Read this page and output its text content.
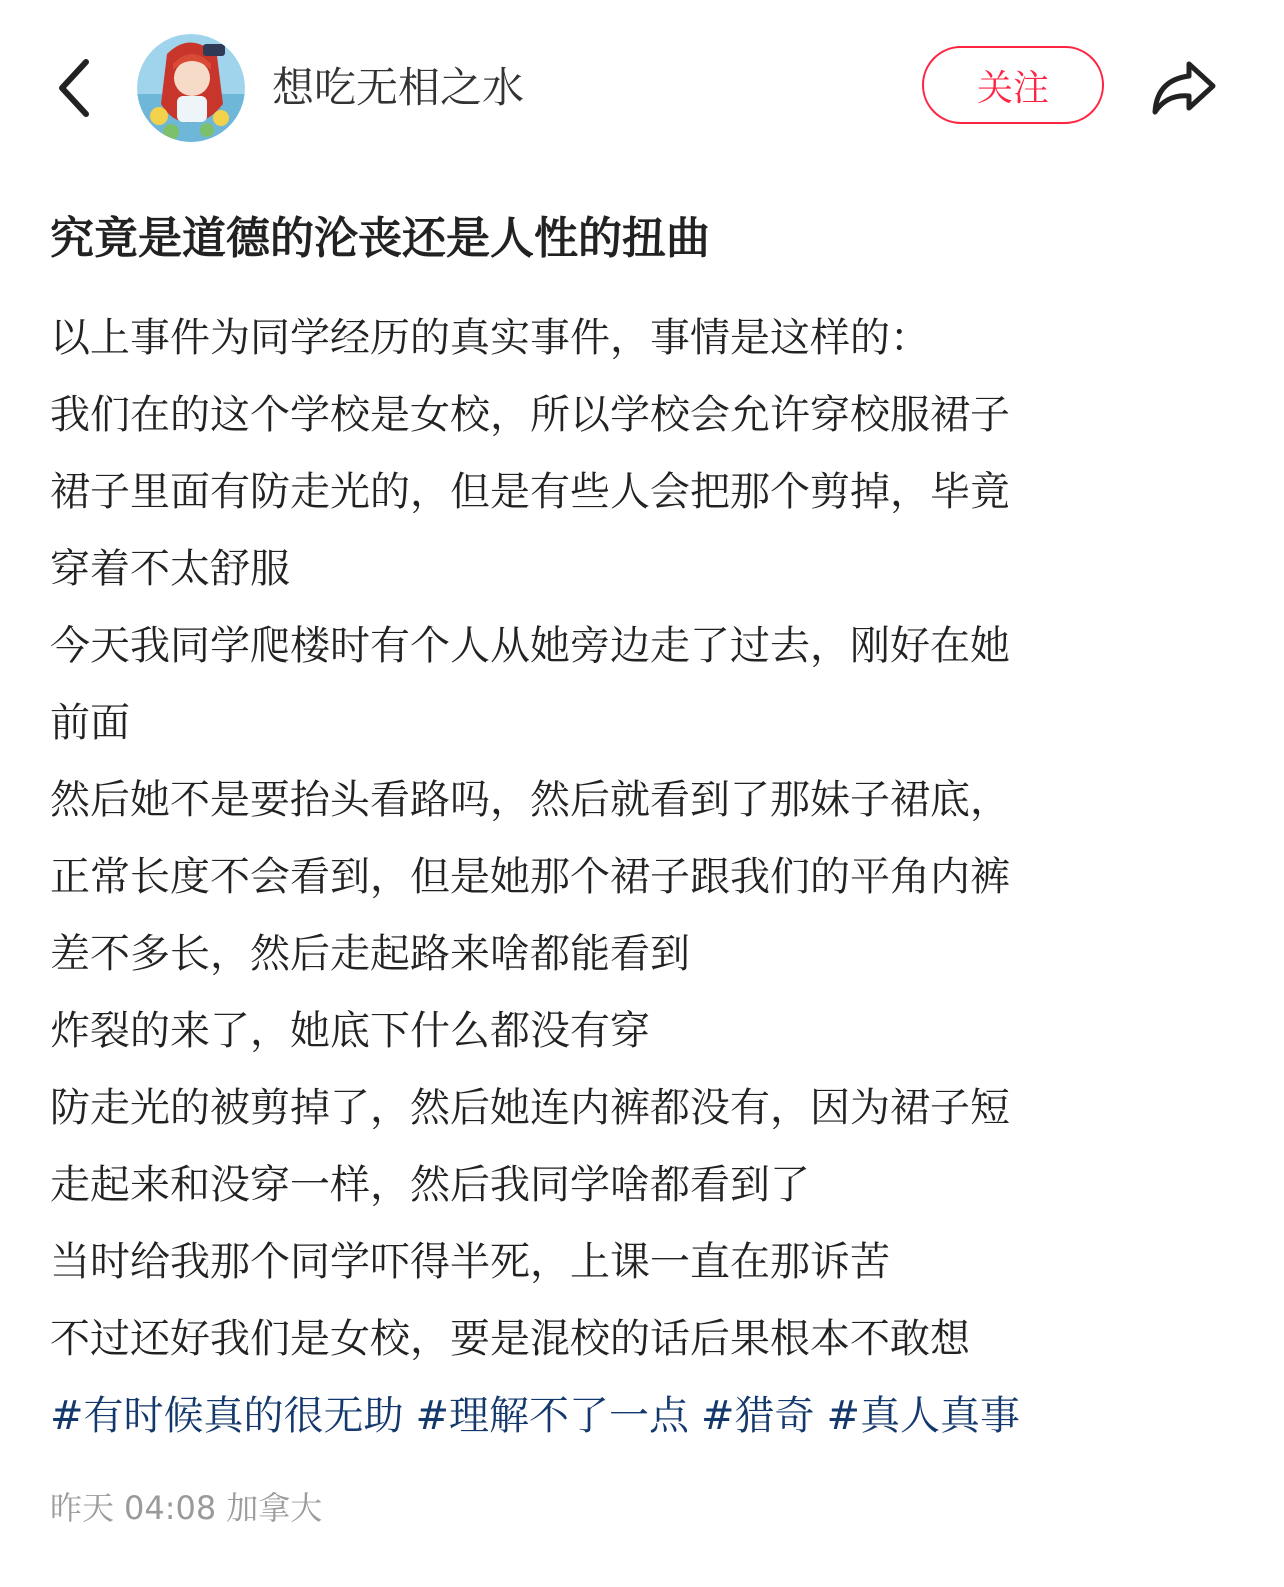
想吃无相之水	关注
究竟是道德的沦丧还是人性的扭曲
以上事件为同学经历的真实事件，事情是这样的：
我们在的这个学校是女校，所以学校会允许穿校服裙子
裙子里面有防走光的，但是有些人会把那个剪掉，毕竟
穿着不太舒服
今天我同学爬楼时有个人从她旁边走了过去，刚好在她
前面
然后她不是要抬头看路吗，然后就看到了那妹子裙底，
正常长度不会看到，但是她那个裙子跟我们的平角内裤
差不多长，然后走起路来啥都能看到
炸裂的来了，她底下什么都没有穿
防走光的被剪掉了，然后她连内裤都没有，因为裙子短
走起来和没穿一样，然后我同学啥都看到了
当时给我那个同学吓得半死，上课一直在那诉苦
不过还好我们是女校，要是混校的话后果根本不敢想
#有时候真的很无助 #理解不了一点 #猎奇 #真人真事
昨天 04:08 加拿大
